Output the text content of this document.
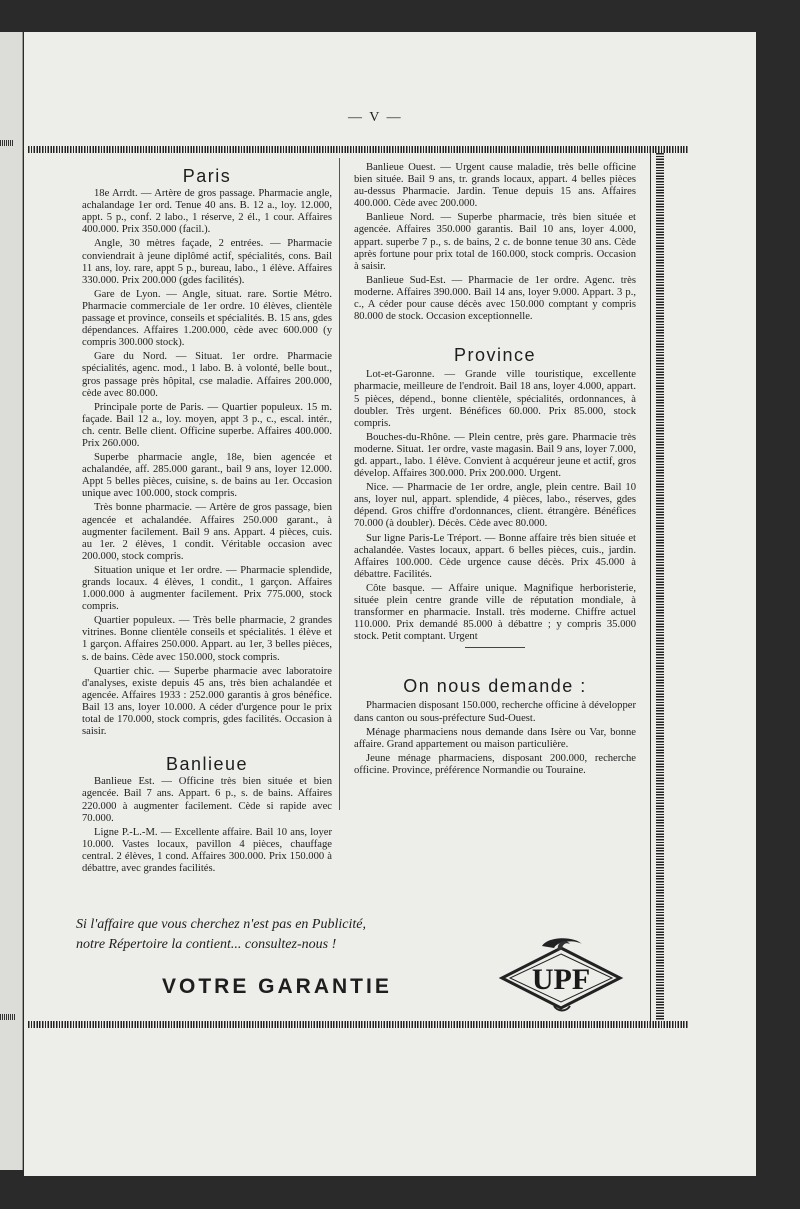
— V —
Paris

18e Arrdt. — Artère de gros passage. Pharmacie angle, achalandage 1er ord. Tenue 40 ans. B. 12 a., loy. 12.000, appt. 5 p., conf. 2 labo., 1 réserve, 2 él., 1 cour. Affaires 400.000. Prix 350.000 (facil.).

Angle, 30 mètres façade, 2 entrées. — Pharmacie conviendrait à jeune diplômé actif, spécialités, cons. Bail 11 ans, loy. rare, appt 5 p., bureau, labo., 1 élève. Affaires 330.000. Prix 200.000 (gdes facilités).

Gare de Lyon. — Angle, situat. rare. Sortie Métro. Pharmacie commerciale de 1er ordre. 10 élèves, clientèle passage et province, conseils et spécialités. B. 15 ans, gdes dépendances. Affaires 1.200.000, cède avec 600.000 (y compris 300.000 stock).

Gare du Nord. — Situat. 1er ordre. Pharmacie spécialités, agenc. mod., 1 labo. B. à volonté, belle bout., gros passage près hôpital, cse maladie. Affaires 200.000, cède avec 80.000.

Principale porte de Paris. — Quartier populeux. 15 m. façade. Bail 12 a., loy. moyen, appt 3 p., c., escal. intér., ch. centr. Belle client. Officine superbe. Affaires 400.000. Prix 260.000.

Superbe pharmacie angle, 18e, bien agencée et achalandée, aff. 285.000 garant., bail 9 ans, loyer 12.000. Appt 5 belles pièces, cuisine, s. de bains au 1er. Occasion unique avec 100.000, stock compris.

Très bonne pharmacie. — Artère de gros passage, bien agencée et achalandée. Affaires 250.000 garant., à augmenter facilement. Bail 9 ans. Appart. 4 pièces, cuis. au 1er. 2 élèves, 1 condit. Véritable occasion avec 200.000, stock compris.

Situation unique et 1er ordre. — Pharmacie splendide, grands locaux. 4 élèves, 1 condit., 1 garçon. Affaires 1.000.000 à augmenter facilement. Prix 775.000, stock compris.

Quartier populeux. — Très belle pharmacie, 2 grandes vitrines. Bonne clientèle conseils et spécialités. 1 élève et 1 garçon. Affaires 250.000. Appart. au 1er, 3 belles pièces, s. de bains. Cède avec 150.000, stock compris.

Quartier chic. — Superbe pharmacie avec laboratoire d'analyses, existe depuis 45 ans, très bien achalandée et agencée. Affaires 1933 : 252.000 garantis à gros bénéfice. Bail 13 ans, loyer 10.000. A céder d'urgence pour le prix total de 170.000, stock compris, gdes facilités. Occasion à saisir.

Banlieue

Banlieue Est. — Officine très bien située et bien agencée. Bail 7 ans. Appart. 6 p., s. de bains. Affaires 220.000 à augmenter facilement. Cède si rapide avec 70.000.

Ligne P.-L.-M. — Excellente affaire. Bail 10 ans, loyer 10.000. Vastes locaux, pavillon 4 pièces, chauffage central. 2 élèves, 1 cond. Affaires 300.000. Prix 150.000 à débattre, avec grandes facilités.

Banlieue Ouest. — Urgent cause maladie, très belle officine bien située. Bail 9 ans, tr. grands locaux, appart. 4 belles pièces au-dessus Pharmacie. Jardin. Tenue depuis 15 ans. Affaires 400.000. Cède avec 200.000.

Banlieue Nord. — Superbe pharmacie, très bien située et agencée. Affaires 350.000 garantis. Bail 10 ans, loyer 4.000, appart. superbe 7 p., s. de bains, 2 c. de bonne tenue 30 ans. Cède après fortune pour prix total de 160.000, stock compris. Occasion à saisir.

Banlieue Sud-Est. — Pharmacie de 1er ordre. Agenc. très moderne. Affaires 390.000. Bail 14 ans, loyer 9.000. Appart. 3 p., c., A céder pour cause décès avec 150.000 comptant y compris 80.000 de stock. Occasion exceptionnelle.

Province

Lot-et-Garonne. — Grande ville touristique, excellente pharmacie, meilleure de l'endroit. Bail 18 ans, loyer 4.000, appart. 5 pièces, dépend., bonne clientèle, spécialités, ordonnances, à doubler. Très urgent. Bénéfices 60.000. Prix 85.000, stock compris.

Bouches-du-Rhône. — Plein centre, près gare. Pharmacie très moderne. Situat. 1er ordre, vaste magasin. Bail 9 ans, loyer 7.000, gd. appart., labo. 1 élève. Convient à acquéreur jeune et actif, gros dévelop. Affaires 300.000. Prix 200.000. Urgent.

Nice. — Pharmacie de 1er ordre, angle, plein centre. Bail 10 ans, loyer nul, appart. splendide, 4 pièces, labo., réserves, gdes dépend. Gros chiffre d'ordonnances, client. étrangère. Bénéfices 70.000 (à doubler). Décès. Cède avec 80.000.

Sur ligne Paris-Le Tréport. — Bonne affaire très bien située et achalandée. Vastes locaux, appart. 6 belles pièces, cuis., jardin. Affaires 100.000. Cède urgence cause décès. Prix 45.000 à débattre. Facilités.

Côte basque. — Affaire unique. Magnifique herboristerie, située plein centre grande ville de réputation mondiale, à transformer en pharmacie. Install. très moderne. Chiffre actuel 110.000. Prix demandé 85.000 à débattre ; y compris 35.000 stock. Petit comptant. Urgent

On nous demande :

Pharmacien disposant 150.000, recherche officine à développer dans canton ou sous-préfecture Sud-Ouest.

Ménage pharmaciens nous demande dans Isère ou Var, bonne affaire. Grand appartement ou maison particulière.

Jeune ménage pharmaciens, disposant 200.000, recherche officine. Province, préférence Normandie ou Touraine.

Si l'affaire que vous cherchez n'est pas en Publicité,
notre Répertoire la contient... consultez-nous !
VOTRE GARANTIE	UPF
